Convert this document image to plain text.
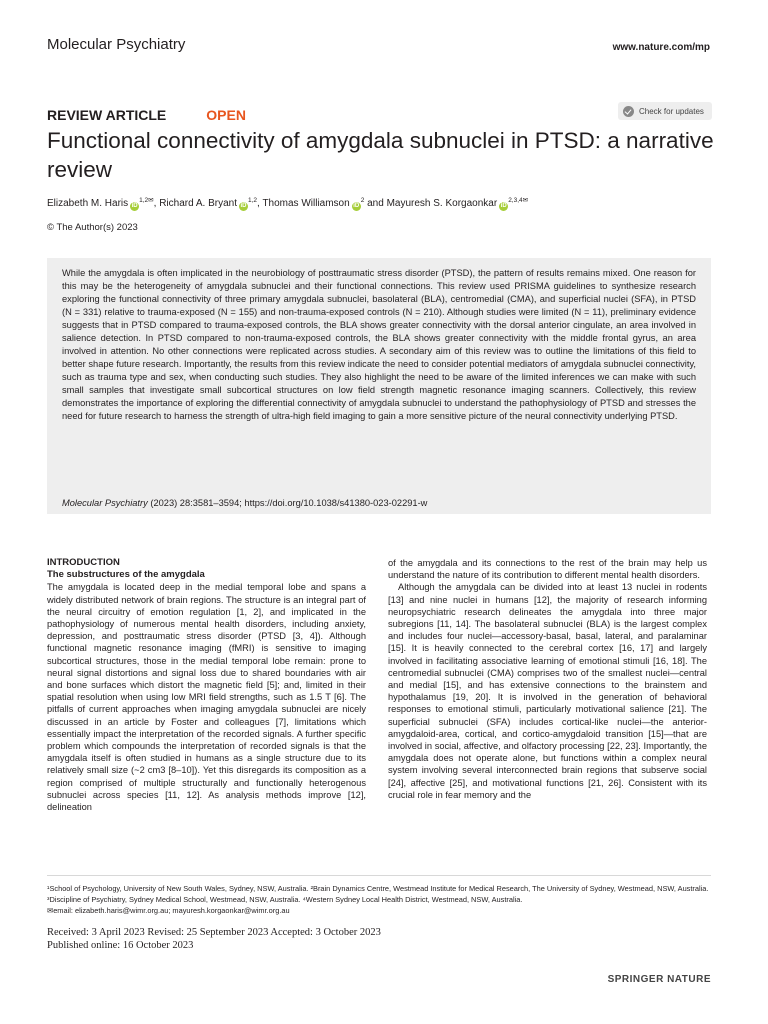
Molecular Psychiatry	www.nature.com/mp
REVIEW ARTICLE	OPEN	Check for updates
Functional connectivity of amygdala subnuclei in PTSD: a narrative review
Elizabeth M. Haris $iD^{1,2✉}$, Richard A. Bryant iD$^{1,2}$, Thomas Williamson $iD^2$ and Mayuresh S. Korgaonkar $iD^{2,3,4✉}$
© The Author(s) 2023
While the amygdala is often implicated in the neurobiology of posttraumatic stress disorder (PTSD), the pattern of results remains mixed. One reason for this may be the heterogeneity of amygdala subnuclei and their functional connections. This review used PRISMA guidelines to synthesize research exploring the functional connectivity of three primary amygdala subnuclei, basolateral (BLA), centromedial (CMA), and superficial nuclei (SFA), in PTSD (N = 331) relative to trauma-exposed (N = 155) and non-trauma-exposed controls (N = 210). Although studies were limited (N = 11), preliminary evidence suggests that in PTSD compared to trauma-exposed controls, the BLA shows greater connectivity with the dorsal anterior cingulate, an area involved in salience detection. In PTSD compared to non-trauma-exposed controls, the BLA shows greater connectivity with the middle frontal gyrus, an area involved in attention. No other connections were replicated across studies. A secondary aim of this review was to outline the limitations of this field to better shape future research. Importantly, the results from this review indicate the need to consider potential mediators of amygdala subnuclei connectivity, such as trauma type and sex, when conducting such studies. They also highlight the need to be aware of the limited inferences we can make with such small samples that investigate small subcortical structures on low field strength magnetic resonance imaging scanners. Collectively, this review demonstrates the importance of exploring the differential connectivity of amygdala subnuclei to understand the pathophysiology of PTSD and stresses the need for future research to harness the strength of ultra-high field imaging to gain a more sensitive picture of the neural connectivity underlying PTSD.
Molecular Psychiatry (2023) 28:3581–3594; https://doi.org/10.1038/s41380-023-02291-w
INTRODUCTION
The substructures of the amygdala

The amygdala is located deep in the medial temporal lobe and spans a widely distributed network of brain regions. The structure is an integral part of the neural circuitry of emotion regulation [1, 2], and implicated in the pathophysiology of numerous mental health disorders, including anxiety, depression, and posttraumatic stress disorder (PTSD [3, 4]). Although functional magnetic resonance imaging (fMRI) is sensitive to imaging subcortical structures, those in the medial temporal lobe remain: prone to neural signal distortions and signal loss due to shared boundaries with air and bone surfaces which distort the magnetic field [5]; and, limited in their spatial resolution when using low MRI field strengths, such as 1.5 T [6]. The pitfalls of current approaches when imaging amygdala subnuclei are nicely discussed in an article by Foster and colleagues [7], limitations which essentially impact the interpretation of the recorded signals. A further specific problem which compounds the interpretation of recorded signals is that the amygdala itself is often studied in humans as a single structure due to its relatively small size (~2 cm3 [8–10]). Yet this disregards its composition as a region comprised of multiple structurally and functionally heterogenous subnuclei across species [11, 12]. As analysis methods improve [12], delineation

of the amygdala and its connections to the rest of the brain may help us understand the nature of its contribution to different mental health disorders.

Although the amygdala can be divided into at least 13 nuclei in rodents [13] and nine nuclei in humans [12], the majority of research informing neuropsychiatric research delineates the amygdala into three major subregions [11, 14]. The basolateral subnuclei (BLA) is the largest complex and includes four nuclei—accessory-basal, basal, lateral, and paralaminar [15]. It is heavily connected to the cerebral cortex [16, 17] and largely involved in facilitating associative learning of emotional stimuli [16, 18]. The centromedial subnuclei (CMA) comprises two of the smallest nuclei—central and medial [15], and has extensive connections to the brainstem and hypothalamus [19, 20]. It is involved in the generation of behavioral responses to emotional stimuli, particularly motivational salience [21]. The superficial subnuclei (SFA) includes cortical-like nuclei—the anterior-amygdaloid-area, cortical, and cortico-amygdaloid transition [15]—that are involved in social, affective, and olfactory processing [22, 23]. Importantly, the amygdala does not operate alone, but functions within a complex neural system involving several interconnected brain regions that subserve social [24], affective [25], and motivational functions [21, 26]. Consistent with its crucial role in fear memory and the

¹School of Psychology, University of New South Wales, Sydney, NSW, Australia. ²Brain Dynamics Centre, Westmead Institute for Medical Research, The University of Sydney, Westmead, NSW, Australia. ³Discipline of Psychiatry, Sydney Medical School, Westmead, NSW, Australia. ⁴Western Sydney Local Health District, Westmead, NSW, Australia.
✉email: elizabeth.haris@wimr.org.au; mayuresh.korgaonkar@wimr.org.au
Received: 3 April 2023 Revised: 25 September 2023 Accepted: 3 October 2023
Published online: 16 October 2023
SPRINGER NATURE
